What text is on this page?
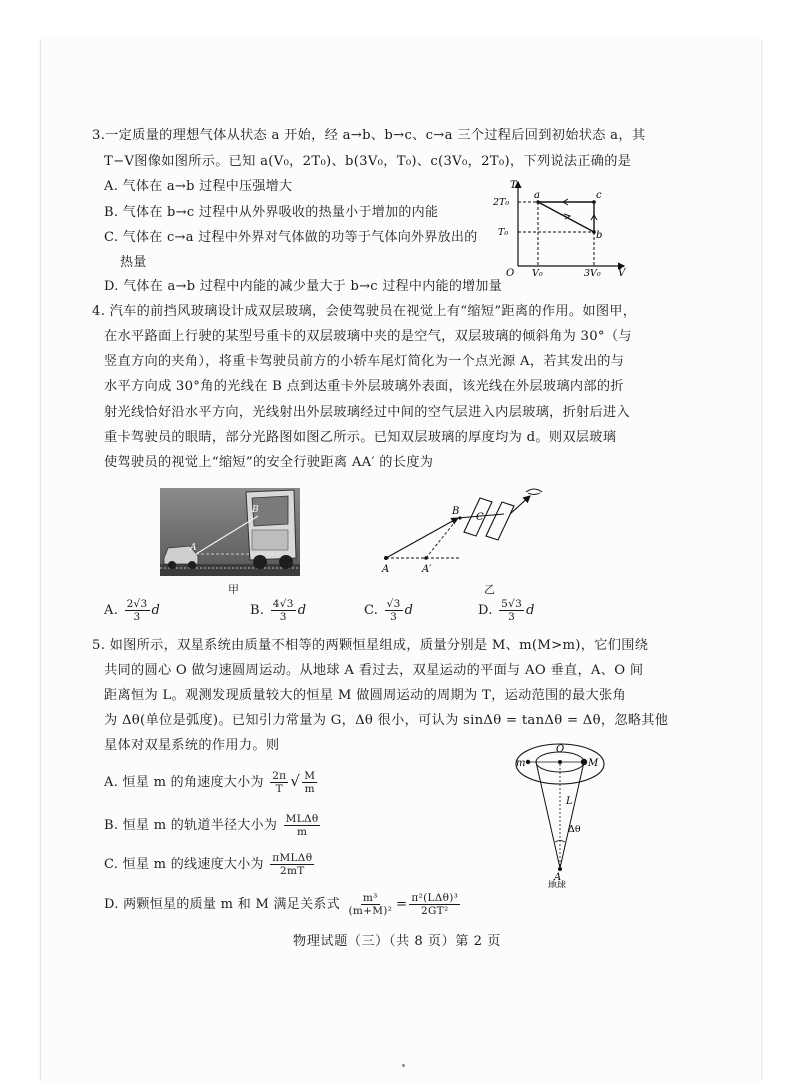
3.一定质量的理想气体从状态 a 开始，经 a→b、b→c、c→a 三个过程后回到初始状态 a，其
T−V图像如图所示。已知 a(V₀，2T₀)、b(3V₀，T₀)、c(3V₀，2T₀)，下列说法正确的是
A. 气体在 a→b 过程中压强增大
B. 气体在 b→c 过程中从外界吸收的热量小于增加的内能
C. 气体在 c→a 过程中外界对气体做的功等于气体向外界放出的
热量
D. 气体在 a→b 过程中内能的减少量大于 b→c 过程中内能的增加量
T
V
O
2T₀
T₀
V₀	3V₀
a	c
b
4. 汽车的前挡风玻璃设计成双层玻璃，会使驾驶员在视觉上有“缩短”距离的作用。如图甲，
在水平路面上行驶的某型号重卡的双层玻璃中夹的是空气，双层玻璃的倾斜角为 30°（与
竖直方向的夹角），将重卡驾驶员前方的小轿车尾灯简化为一个点光源 A，若其发出的与
水平方向成 30°角的光线在 B 点到达重卡外层玻璃外表面，该光线在外层玻璃内部的折
射光线恰好沿水平方向，光线射出外层玻璃经过中间的空气层进入内层玻璃，折射后进入
重卡驾驶员的眼睛，部分光路图如图乙所示。已知双层玻璃的厚度均为 d。则双层玻璃
使驾驶员的视觉上“缩短”的安全行驶距离 AA′ 的长度为
A
B
甲
A	A′
B
C
乙
A. $\frac{2√3}{3}$ d	B. $\frac{4√3}{3}$ d	C. $\frac{√3}{3}$ d	D. $\frac{5√3}{3}$ d
5. 如图所示，双星系统由质量不相等的两颗恒星组成，质量分别是 M、m(M>m)，它们围绕
共同的圆心 O 做匀速圆周运动。从地球 A 看过去，双星运动的平面与 AO 垂直，A、O 间
距离恒为 L。观测发现质量较大的恒星 M 做圆周运动的周期为 T，运动范围的最大张角
为 Δθ(单位是弧度)。已知引力常量为 G，Δθ 很小，可认为 sinΔθ = tanΔθ = Δθ，忽略其他
星体对双星系统的作用力。则
A. 恒星 m 的角速度大小为 $\frac{2\pi}{T}$ √ $\frac{M}{m}$
B. 恒星 m 的轨道半径大小为 $\frac{\text{MLΔθ}}{m}$
C. 恒星 m 的线速度大小为 $\frac{\text{πMLΔθ}}{2mT}$
D. 两颗恒星的质量 m 和 M 满足关系式 $\frac{\text{m³}}{\text{(m+M)²}} = \frac{\text{π²(LΔθ)³}}{\text{2GT²}}$
O
M
m
L
Δθ
A
地球
物理试题（三）（共 8 页）第 2 页
